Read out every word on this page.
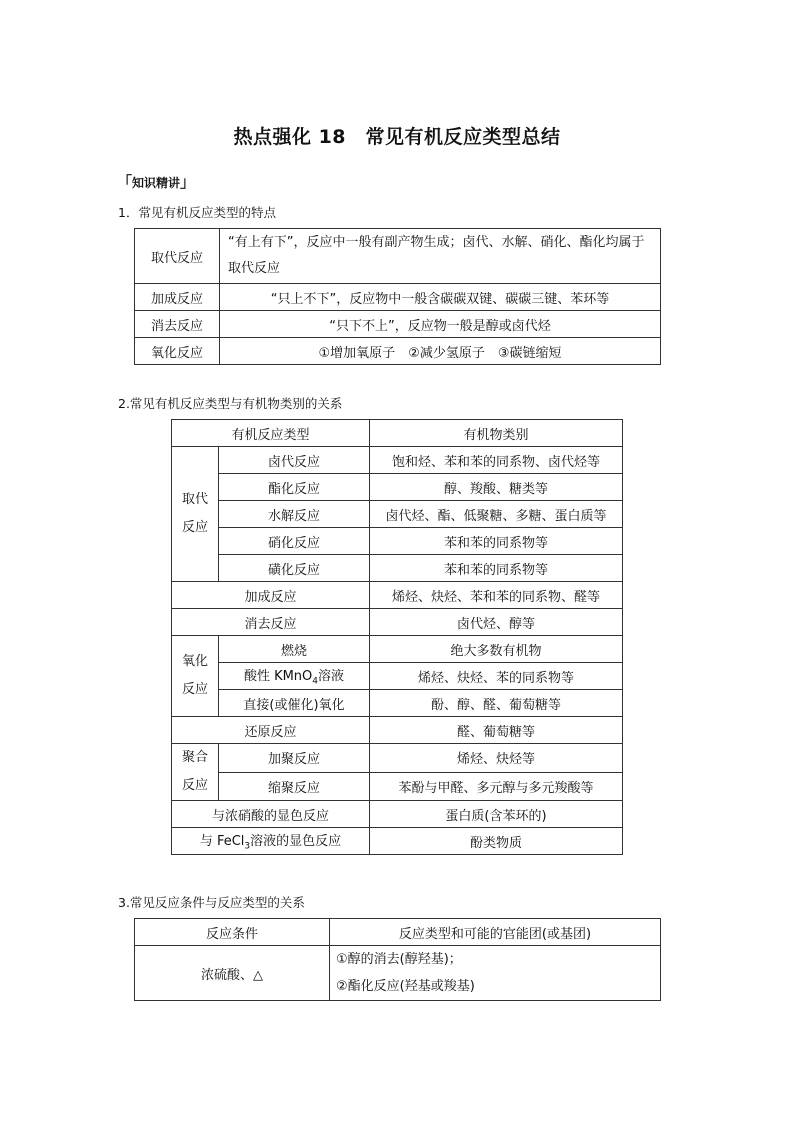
热点强化 18　常见有机反应类型总结
「知识精讲」
1．常见有机反应类型的特点
取代反应	“有上有下”，反应中一般有副产物生成；卤代、水解、硝化、酯化均属于取代反应
加成反应	“只上不下”，反应物中一般含碳碳双键、碳碳三键、苯环等
消去反应	“只下不上”，反应物一般是醇或卤代烃
氧化反应	①增加氧原子　②减少氢原子　③碳链缩短
2.常见有机反应类型与有机物类别的关系
有机反应类型		有机物类别
取代反应	卤代反应	饱和烃、苯和苯的同系物、卤代烃等
	酯化反应	醇、羧酸、糖类等
	水解反应	卤代烃、酯、低聚糖、多糖、蛋白质等
	硝化反应	苯和苯的同系物等
	磺化反应	苯和苯的同系物等
加成反应		烯烃、炔烃、苯和苯的同系物、醛等
消去反应		卤代烃、醇等
氧化反应	燃烧	绝大多数有机物
	酸性 KMnO$_4$溶液	烯烃、炔烃、苯的同系物等
	直接(或催化)氧化	酚、醇、醛、葡萄糖等
还原反应		醛、葡萄糖等
聚合反应	加聚反应	烯烃、炔烃等
	缩聚反应	苯酚与甲醛、多元醇与多元羧酸等
与浓硝酸的显色反应		蛋白质(含苯环的)
与 FeCl$_3$溶液的显色反应		酚类物质
3.常见反应条件与反应类型的关系
反应条件	反应类型和可能的官能团(或基团)
浓硫酸、△	①醇的消去(醇羟基)；
②酯化反应(羟基或羧基)
